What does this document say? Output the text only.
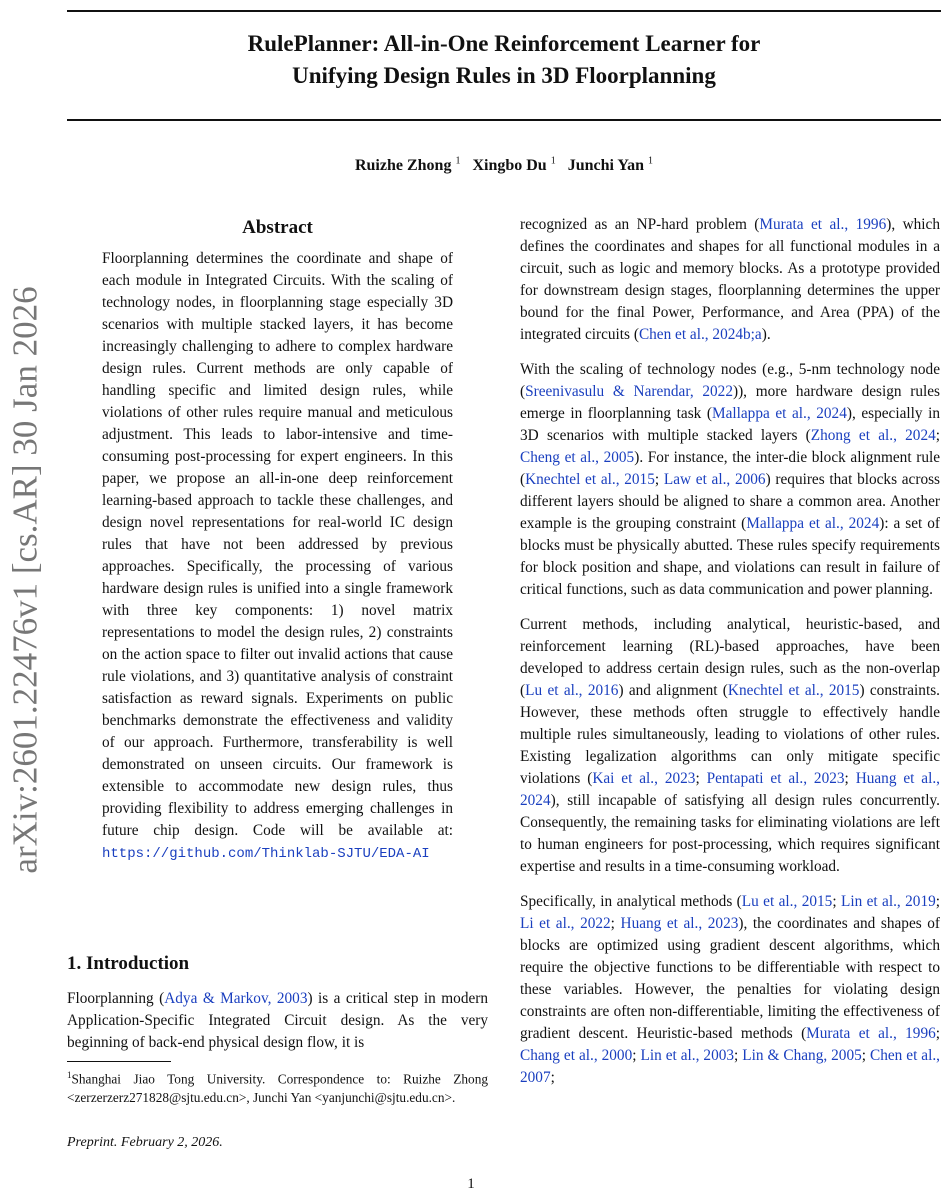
RulePlanner: All-in-One Reinforcement Learner for
Unifying Design Rules in 3D Floorplanning
Ruizhe Zhong $^1$ Xingbo Du $^1$ Junchi Yan $^1$
arXiv:2601.22476v1 [cs.AR] 30 Jan 2026
Abstract

Floorplanning determines the coordinate and shape of each module in Integrated Circuits. With the scaling of technology nodes, in floorplanning stage especially 3D scenarios with multiple stacked layers, it has become increasingly challenging to adhere to complex hardware design rules. Current methods are only capable of handling specific and limited design rules, while violations of other rules require manual and meticulous adjustment. This leads to labor-intensive and time-consuming post-processing for expert engineers. In this paper, we propose an all-in-one deep reinforcement learning-based approach to tackle these challenges, and design novel representations for real-world IC design rules that have not been addressed by previous approaches. Specifically, the processing of various hardware design rules is unified into a single framework with three key components: 1) novel matrix representations to model the design rules, 2) constraints on the action space to filter out invalid actions that cause rule violations, and 3) quantitative analysis of constraint satisfaction as reward signals. Experiments on public benchmarks demonstrate the effectiveness and validity of our approach. Furthermore, transferability is well demonstrated on unseen circuits. Our framework is extensible to accommodate new design rules, thus providing flexibility to address emerging challenges in future chip design. Code will be available at: https://github.com/Thinklab-SJTU/EDA-AI

1. Introduction

Floorplanning (Adya & Markov, 2003) is a critical step in modern Application-Specific Integrated Circuit design. As the very beginning of back-end physical design flow, it is

$^1$Shanghai Jiao Tong University. Correspondence to: Ruizhe Zhong <zerzerzerz271828@sjtu.edu.cn>, Junchi Yan <yanjunchi@sjtu.edu.cn>.

Preprint. February 2, 2026.

recognized as an NP-hard problem (Murata et al., 1996), which defines the coordinates and shapes for all functional modules in a circuit, such as logic and memory blocks. As a prototype provided for downstream design stages, floorplanning determines the upper bound for the final Power, Performance, and Area (PPA) of the integrated circuits (Chen et al., 2024b;a).

With the scaling of technology nodes (e.g., 5-nm technology node (Sreenivasulu & Narendar, 2022)), more hardware design rules emerge in floorplanning task (Mallappa et al., 2024), especially in 3D scenarios with multiple stacked layers (Zhong et al., 2024; Cheng et al., 2005). For instance, the inter-die block alignment rule (Knechtel et al., 2015; Law et al., 2006) requires that blocks across different layers should be aligned to share a common area. Another example is the grouping constraint (Mallappa et al., 2024): a set of blocks must be physically abutted. These rules specify requirements for block position and shape, and violations can result in failure of critical functions, such as data communication and power planning.

Current methods, including analytical, heuristic-based, and reinforcement learning (RL)-based approaches, have been developed to address certain design rules, such as the non-overlap (Lu et al., 2016) and alignment (Knechtel et al., 2015) constraints. However, these methods often struggle to effectively handle multiple rules simultaneously, leading to violations of other rules. Existing legalization algorithms can only mitigate specific violations (Kai et al., 2023; Pentapati et al., 2023; Huang et al., 2024), still incapable of satisfying all design rules concurrently. Consequently, the remaining tasks for eliminating violations are left to human engineers for post-processing, which requires significant expertise and results in a time-consuming workload.

Specifically, in analytical methods (Lu et al., 2015; Lin et al., 2019; Li et al., 2022; Huang et al., 2023), the coordinates and shapes of blocks are optimized using gradient descent algorithms, which require the objective functions to be differentiable with respect to these variables. However, the penalties for violating design constraints are often non-differentiable, limiting the effectiveness of gradient descent. Heuristic-based methods (Murata et al., 1996; Chang et al., 2000; Lin et al., 2003; Lin & Chang, 2005; Chen et al., 2007;

1
